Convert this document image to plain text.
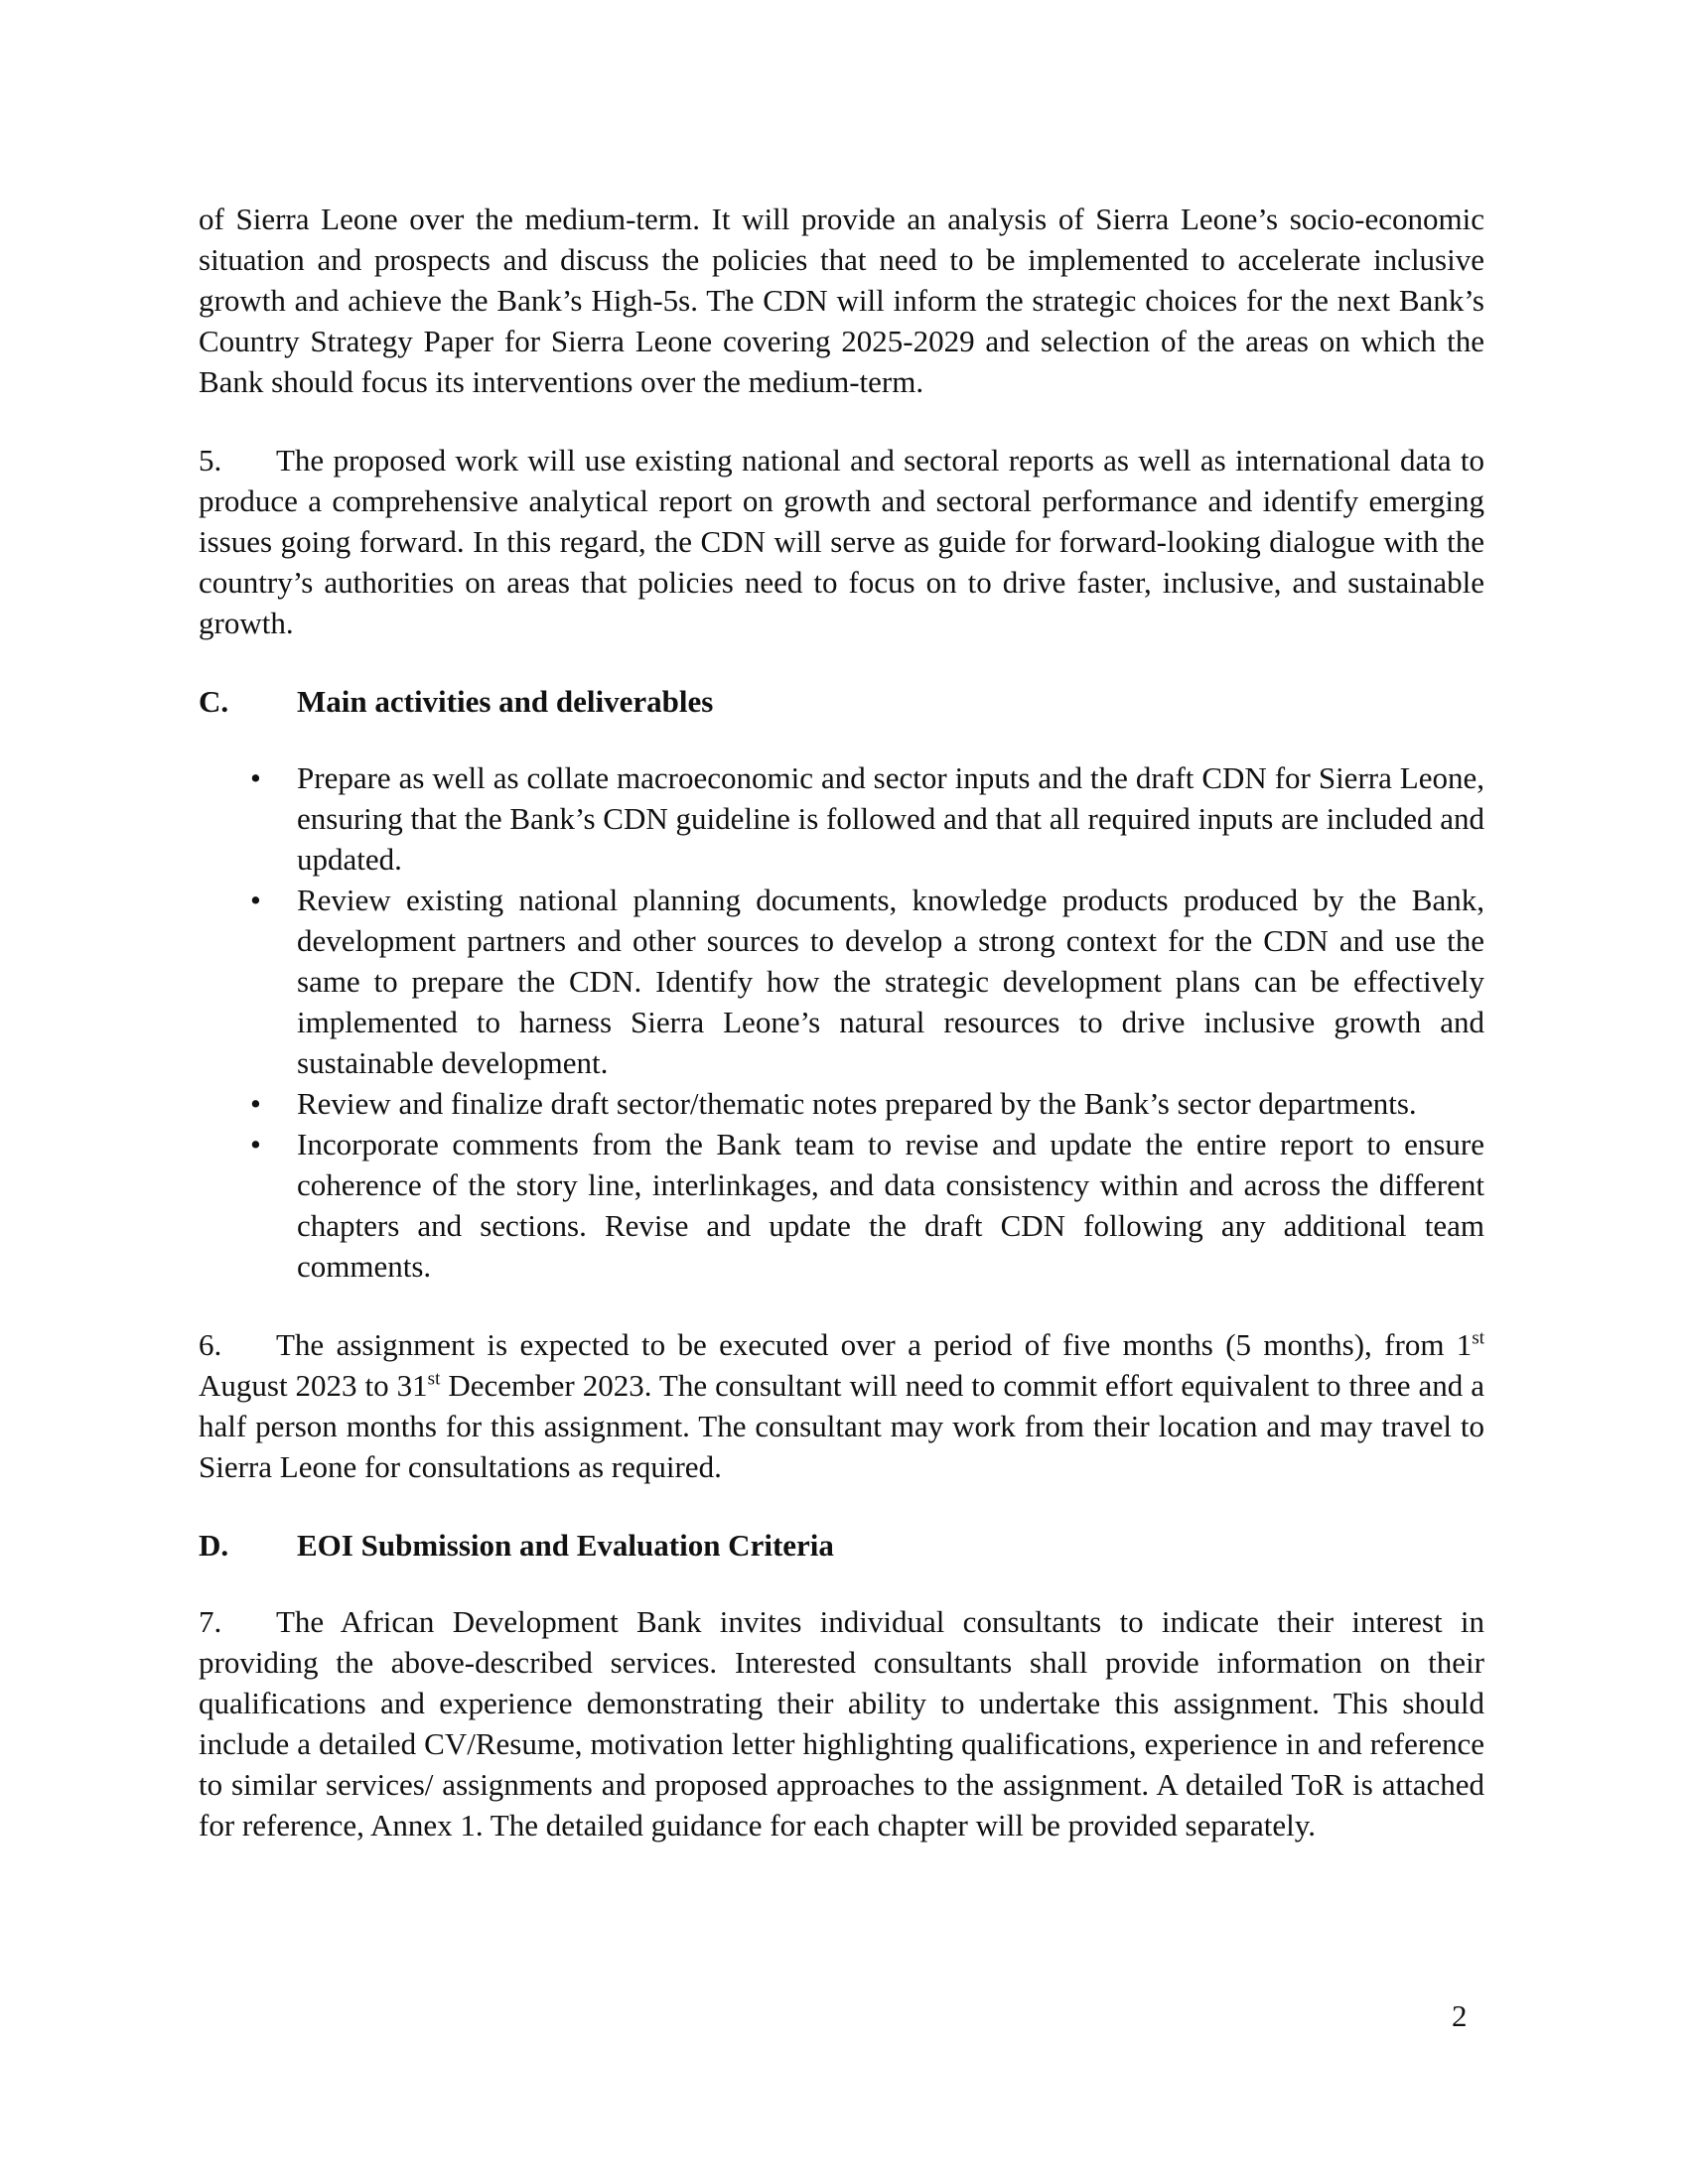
of Sierra Leone over the medium-term. It will provide an analysis of Sierra Leone’s socio-economic situation and prospects and discuss the policies that need to be implemented to accelerate inclusive growth and achieve the Bank’s High-5s. The CDN will inform the strategic choices for the next Bank’s Country Strategy Paper for Sierra Leone covering 2025-2029 and selection of the areas on which the Bank should focus its interventions over the medium-term.

5. The proposed work will use existing national and sectoral reports as well as international data to produce a comprehensive analytical report on growth and sectoral performance and identify emerging issues going forward. In this regard, the CDN will serve as guide for forward-looking dialogue with the country’s authorities on areas that policies need to focus on to drive faster, inclusive, and sustainable growth.

C. Main activities and deliverables
• Prepare as well as collate macroeconomic and sector inputs and the draft CDN for Sierra Leone, ensuring that the Bank’s CDN guideline is followed and that all required inputs are included and updated.
• Review existing national planning documents, knowledge products produced by the Bank, development partners and other sources to develop a strong context for the CDN and use the same to prepare the CDN. Identify how the strategic development plans can be effectively implemented to harness Sierra Leone’s natural resources to drive inclusive growth and sustainable development.
• Review and finalize draft sector/thematic notes prepared by the Bank’s sector departments.
• Incorporate comments from the Bank team to revise and update the entire report to ensure coherence of the story line, interlinkages, and data consistency within and across the different chapters and sections. Revise and update the draft CDN following any additional team comments.

6. The assignment is expected to be executed over a period of five months (5 months), from 1st August 2023 to 31st December 2023. The consultant will need to commit effort equivalent to three and a half person months for this assignment. The consultant may work from their location and may travel to Sierra Leone for consultations as required.

D. EOI Submission and Evaluation Criteria

7. The African Development Bank invites individual consultants to indicate their interest in providing the above-described services. Interested consultants shall provide information on their qualifications and experience demonstrating their ability to undertake this assignment. This should include a detailed CV/Resume, motivation letter highlighting qualifications, experience in and reference to similar services/ assignments and proposed approaches to the assignment. A detailed ToR is attached for reference, Annex 1. The detailed guidance for each chapter will be provided separately.

2
